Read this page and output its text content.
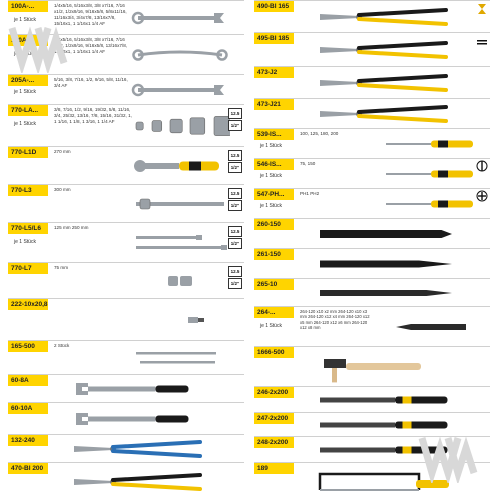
100A-...
je 1 Stück
1/4x5/16, 5/16x3/8, 3/8 x7/16, 7/16 x1/2, 1/2x9/16, 9/16x5/8, 5/8x11/16, 11/16x3/4, 3/4x7/8, 13/16x7/8, 15/16x1, 1 1/16x1 1/4 AF
100A-...
je 1 Stück
1/4x5/16, 5/16x3/8, 3/8 x7/16, 7/16 x1/2, 1/2x9/16, 9/16x5/8, 13/16x7/8, 15/16x1, 1 1/16x1 1/4 AF
205A-...
je 1 Stück
5/16, 3/8, 7/16, 1/2, 9/16, 5/8, 11/16, 3/4 AF
770-LA...
je 1 Stück
3/8, 7/16, 1/2, 9/16, 19/32, 5/8, 11/16, 3/4, 25/32, 13/16, 7/8, 15/16, 31/32, 1, 1 1/16, 1 1/8, 1 3/16, 1 1/4 AF
12.5
1/2"
770-L1D	270 mm
12.5
1/2"
770-L3	300 mm
12.5
1/2"
770-L5/L6
je 1 Stück
125 mm 250 mm
12.5
1/2"
770-L7	75 mm
12.5
1/2"
222-10x20,8
165-500	2 Stück
60-8A
60-10A
132-240
470-BI 200
490-BI 165
495-BI 185
473-J2
473-J21
539-IS...
je 1 Stück
100, 125, 180, 200
546-IS...
je 1 Stück
75, 150
547-PH...
je 1 Stück
PH1 PH2
260-150
261-150
265-10
264-...
je 1 Stück
264-120 x10 x2 mm 264-120 x10 x3 mm 264-120 x12 x4 mm 264-120 x12 x5 mm 264-120 x12 x6 mm 264-120 x12 x8 mm
1666-500
246-2x200
247-2x200
248-2x200
189
